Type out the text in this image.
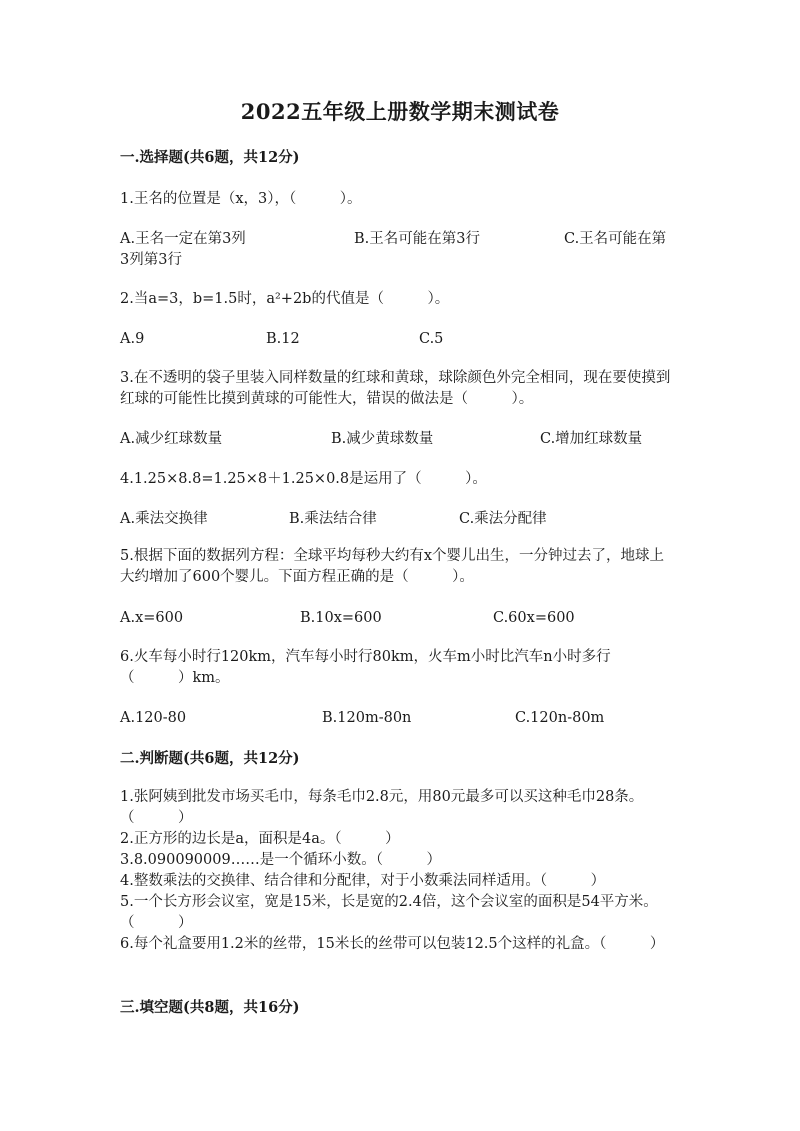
2022五年级上册数学期末测试卷
一.选择题(共6题，共12分)
1.王名的位置是（x，3），（　　　）。
A.王名一定在第3列	B.王名可能在第3行	C.王名可能在第
3列第3行
2.当a=3，b=1.5时，a²+2b的代值是（　　　）。
A.9	B.12	C.5
3.在不透明的袋子里装入同样数量的红球和黄球，球除颜色外完全相同，现在要使摸到红球的可能性比摸到黄球的可能性大，错误的做法是（　　　）。
A.减少红球数量	B.减少黄球数量	C.增加红球数量
4.1.25×8.8=1.25×8＋1.25×0.8是运用了（　　　）。
A.乘法交换律	B.乘法结合律	C.乘法分配律
5.根据下面的数据列方程：全球平均每秒大约有x个婴儿出生，一分钟过去了，地球上大约增加了600个婴儿。下面方程正确的是（　　　）。
A.x=600	B.10x=600	C.60x=600
6.火车每小时行120km，汽车每小时行80km，火车m小时比汽车n小时多行（　　　）km。
A.120-80	B.120m-80n	C.120n-80m
二.判断题(共6题，共12分)
1.张阿姨到批发市场买毛巾，每条毛巾2.8元，用80元最多可以买这种毛巾28条。（　　　）
2.正方形的边长是a，面积是4a。（　　　）
3.8.090090009……是一个循环小数。（　　　）
4.整数乘法的交换律、结合律和分配律，对于小数乘法同样适用。（　　　）
5.一个长方形会议室，宽是15米，长是宽的2.4倍，这个会议室的面积是54平方米。（　　　）
6.每个礼盒要用1.2米的丝带，15米长的丝带可以包装12.5个这样的礼盒。（　　　）
三.填空题(共8题，共16分)
